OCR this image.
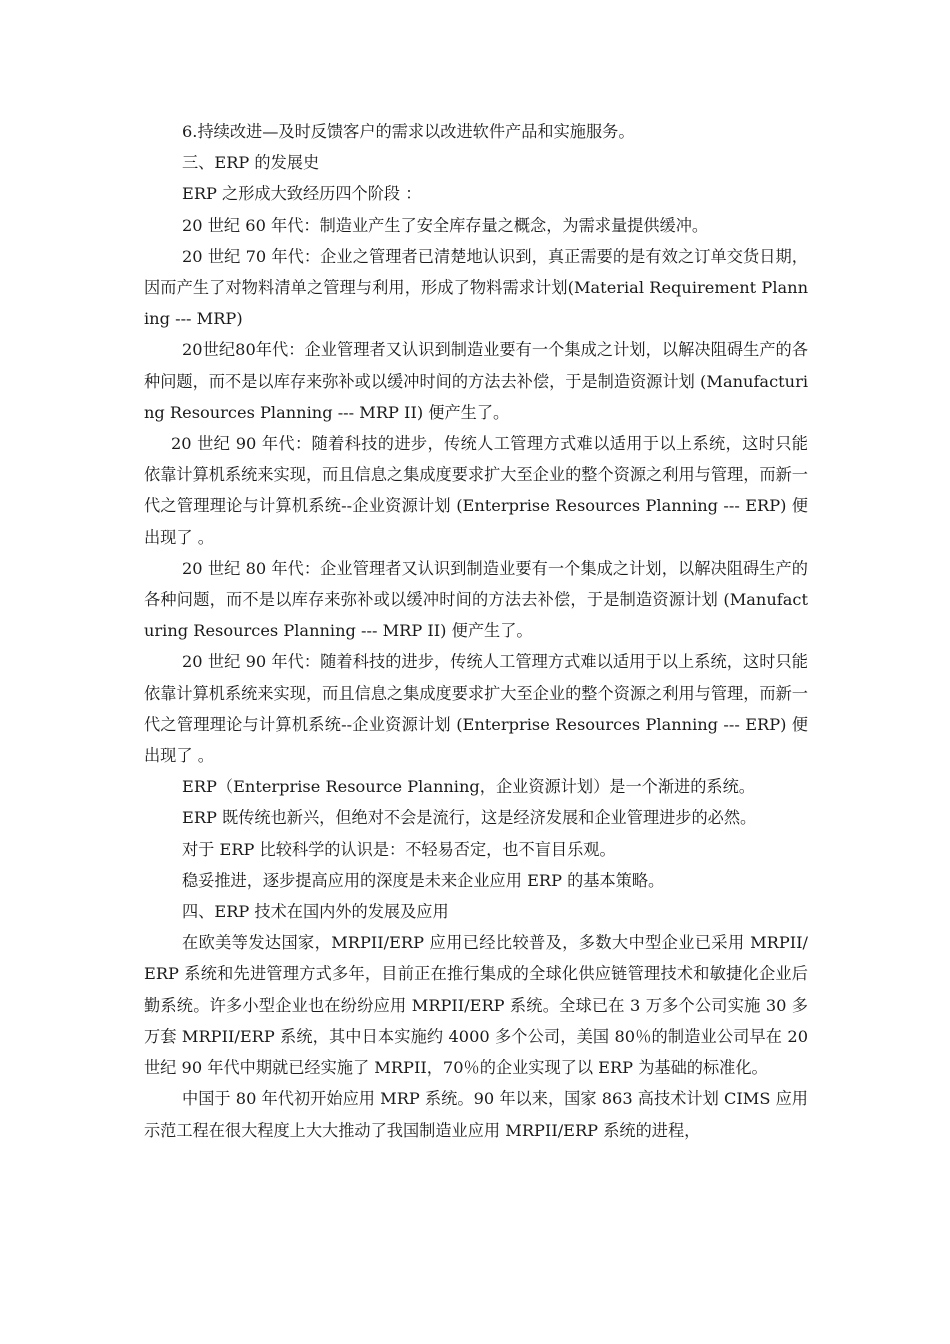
6.持续改进—及时反馈客户的需求以改进软件产品和实施服务。

三、ERP 的发展史

ERP 之形成大致经历四个阶段 ：

20 世纪 60 年代：制造业产生了安全库存量之概念，为需求量提供缓冲。

20 世纪 70 年代：企业之管理者已清楚地认识到，真正需要的是有效之订单交货日期，因而产生了对物料清单之管理与利用，形成了物料需求计划(Material Requirement Planning --- MRP)

20世纪80年代：企业管理者又认识到制造业要有一个集成之计划，以解决阻碍生产的各种问题，而不是以库存来弥补或以缓冲时间的方法去补偿，于是制造资源计划 (Manufacturing Resources Planning --- MRP II) 便产生了。

20 世纪 90 年代：随着科技的进步，传统人工管理方式难以适用于以上系统，这时只能依靠计算机系统来实现，而且信息之集成度要求扩大至企业的整个资源之利用与管理，而新一代之管理理论与计算机系统--企业资源计划 (Enterprise Resources Planning --- ERP) 便出现了 。

20 世纪 80 年代：企业管理者又认识到制造业要有一个集成之计划，以解决阻碍生产的各种问题，而不是以库存来弥补或以缓冲时间的方法去补偿，于是制造资源计划 (Manufacturing Resources Planning --- MRP II) 便产生了。

20 世纪 90 年代：随着科技的进步，传统人工管理方式难以适用于以上系统，这时只能依靠计算机系统来实现，而且信息之集成度要求扩大至企业的整个资源之利用与管理，而新一代之管理理论与计算机系统--企业资源计划 (Enterprise Resources Planning --- ERP) 便出现了 。

ERP（Enterprise Resource Planning，企业资源计划）是一个渐进的系统。

ERP 既传统也新兴，但绝对不会是流行，这是经济发展和企业管理进步的必然。

对于 ERP 比较科学的认识是：不轻易否定，也不盲目乐观。

稳妥推进，逐步提高应用的深度是未来企业应用 ERP 的基本策略。

四、ERP 技术在国内外的发展及应用

在欧美等发达国家，MRPII/ERP 应用已经比较普及，多数大中型企业已采用 MRPII/ERP 系统和先进管理方式多年，目前正在推行集成的全球化供应链管理技术和敏捷化企业后勤系统。许多小型企业也在纷纷应用 MRPII/ERP 系统。全球已在 3 万多个公司实施 30 多万套 MRPII/ERP 系统，其中日本实施约 4000 多个公司，美国 80％的制造业公司早在 20 世纪 90 年代中期就已经实施了 MRPII，70％的企业实现了以 ERP 为基础的标准化。

中国于 80 年代初开始应用 MRP 系统。90 年以来，国家 863 高技术计划 CIMS 应用示范工程在很大程度上大大推动了我国制造业应用 MRPII/ERP 系统的进程，
